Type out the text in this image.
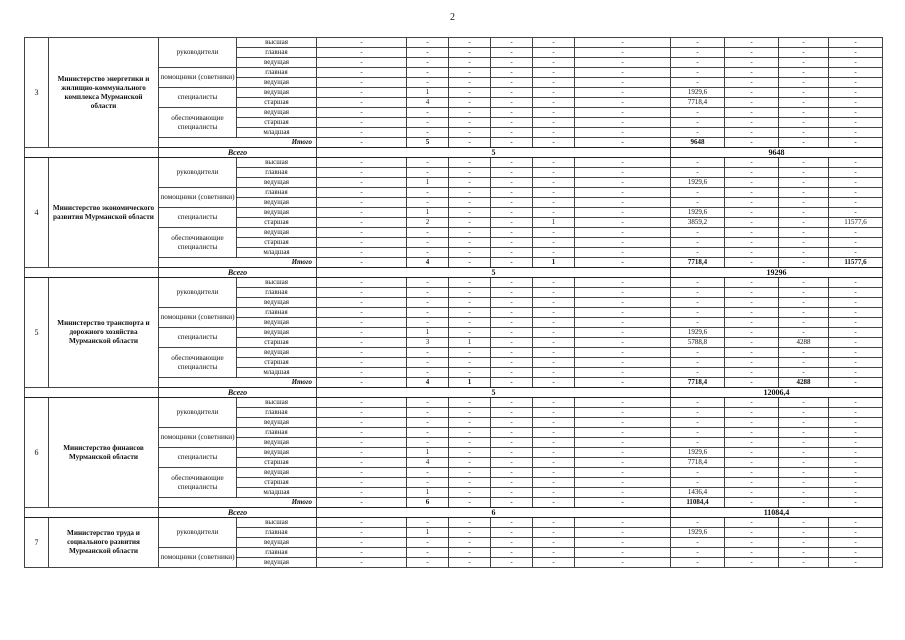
2
3	Министерство энергетики и жилищно-коммунального комплекса Мурманской области	руководители	высшая	-	-	-	-	-	-	-	-	-	-
			главная	-	-	-	-	-	-	-	-	-	-
			ведущая	-	-	-	-	-	-	-	-	-	-
		помощники (советники)	главная	-	-	-	-	-	-	-	-	-	-
			ведущая	-	-	-	-	-	-	-	-	-	-
		специалисты	ведущая	-	1	-	-	-	-	1929,6	-	-	-
			старшая	-	4	-	-	-	-	7718,4	-	-	-
		обеспечивающие специалисты	ведущая	-	-	-	-	-	-	-	-	-	-
			старшая	-	-	-	-	-	-	-	-	-	-
			младшая	-	-	-	-	-	-	-	-	-	-
		Итого		-	5	-	-	-	-	9648	-	-	-
		Всего		5						9648			
4	Министерство экономического развития Мурманской области	руководители	высшая	-	-	-	-	-	-	-	-	-	-
			главная	-	-	-	-	-	-	-	-	-	-
			ведущая	-	1	-	-	-	-	1929,6	-	-	-
		помощники (советники)	главная	-	-	-	-	-	-	-	-	-	-
			ведущая	-	-	-	-	-	-	-	-	-	-
		специалисты	ведущая	-	1	-	-	-	-	1929,6	-	-	-
			старшая	-	2	-	-	1	-	3859,2	-	-	11577,6
		обеспечивающие специалисты	ведущая	-	-	-	-	-	-	-	-	-	-
			старшая	-	-	-	-	-	-	-	-	-	-
			младшая	-	-	-	-	-	-	-	-	-	-
		Итого		-	4	-	-	1	-	7718,4	-	-	11577,6
		Всего		5						19296			
5	Министерство транспорта и дорожного хозяйства Мурманской области	руководители	высшая	-	-	-	-	-	-	-	-	-	-
			главная	-	-	-	-	-	-	-	-	-	-
			ведущая	-	-	-	-	-	-	-	-	-	-
		помощники (советники)	главная	-	-	-	-	-	-	-	-	-	-
			ведущая	-	-	-	-	-	-	-	-	-	-
		специалисты	ведущая	-	1	-	-	-	-	1929,6	-	-	-
			старшая	-	3	1	-	-	-	5788,8	-	4288	-
		обеспечивающие специалисты	ведущая	-	-	-	-	-	-	-	-	-	-
			старшая	-	-	-	-	-	-	-	-	-	-
			младшая	-	-	-	-	-	-	-	-	-	-
		Итого		-	4	1	-	-	-	7718,4	-	4288	-
		Всего		5						12006,4			
6	Министерство финансов Мурманской области	руководители	высшая	-	-	-	-	-	-	-	-	-	-
			главная	-	-	-	-	-	-	-	-	-	-
			ведущая	-	-	-	-	-	-	-	-	-	-
		помощники (советники)	главная	-	-	-	-	-	-	-	-	-	-
			ведущая	-	-	-	-	-	-	-	-	-	-
		специалисты	ведущая	-	1	-	-	-	-	1929,6	-	-	-
			старшая	-	4	-	-	-	-	7718,4	-	-	-
		обеспечивающие специалисты	ведущая	-	-	-	-	-	-	-	-	-	-
			старшая	-	-	-	-	-	-	-	-	-	-
			младшая	-	1	-	-	-	-	1436,4	-	-	-
		Итого		-	6	-	-	-	-	11084,4	-	-	-
		Всего		6						11084,4			
7	Министерство труда и социального развития Мурманской области	руководители	высшая	-	-	-	-	-	-	-	-	-	-
			главная	-	1	-	-	-	-	1929,6	-	-	-
			ведущая	-	-	-	-	-	-	-	-	-	-
		помощники (советники)	главная	-	-	-	-	-	-	-	-	-	-
			ведущая	-	-	-	-	-	-	-	-	-	-
